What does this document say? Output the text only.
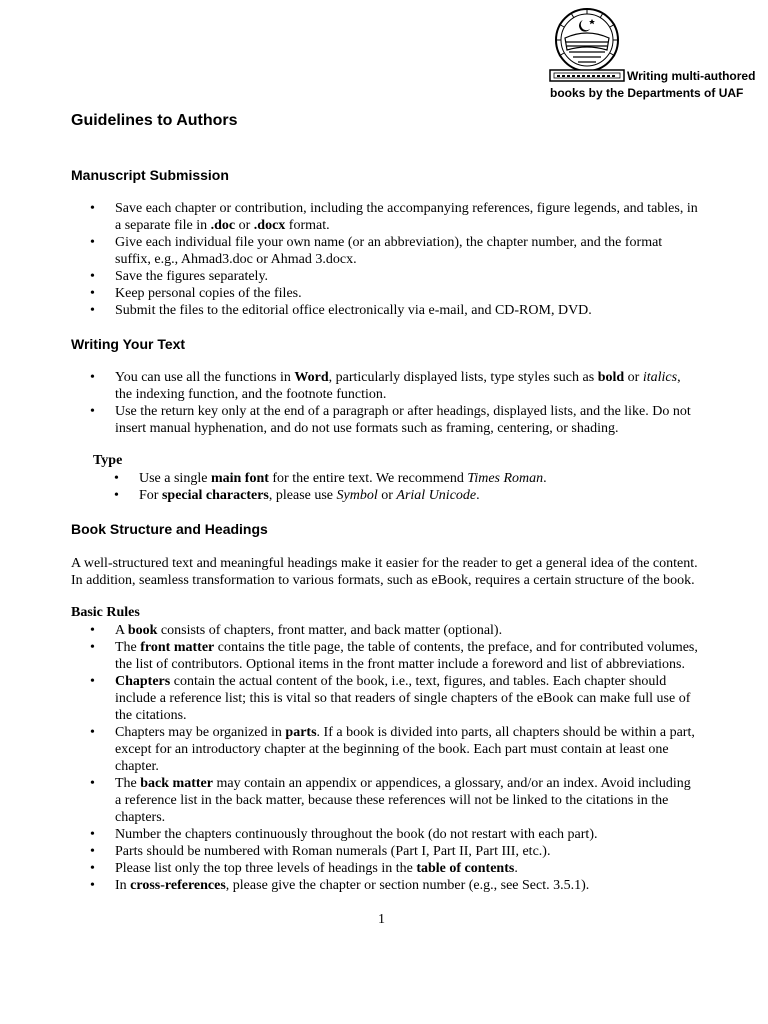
Writing multi-authored
books by the Departments of UAF
Guidelines to Authors
Manuscript Submission
• Save each chapter or contribution, including the accompanying references, figure legends, and tables, in a separate file in .doc or .docx format.
• Give each individual file your own name (or an abbreviation), the chapter number, and the format suffix, e.g., Ahmad3.doc or Ahmad 3.docx.
• Save the figures separately.
• Keep personal copies of the files.
• Submit the files to the editorial office electronically via e-mail, and CD-ROM, DVD.
Writing Your Text
• You can use all the functions in Word, particularly displayed lists, type styles such as bold or italics, the indexing function, and the footnote function.
• Use the return key only at the end of a paragraph or after headings, displayed lists, and the like. Do not insert manual hyphenation, and do not use formats such as framing, centering, or shading.
Type
• Use a single main font for the entire text. We recommend Times Roman.
• For special characters, please use Symbol or Arial Unicode.
Book Structure and Headings

A well-structured text and meaningful headings make it easier for the reader to get a general idea of the content. In addition, seamless transformation to various formats, such as eBook, requires a certain structure of the book.

Basic Rules
• A book consists of chapters, front matter, and back matter (optional).
• The front matter contains the title page, the table of contents, the preface, and for contributed volumes, the list of contributors. Optional items in the front matter include a foreword and list of abbreviations.
• Chapters contain the actual content of the book, i.e., text, figures, and tables. Each chapter should include a reference list; this is vital so that readers of single chapters of the eBook can make full use of the citations.
• Chapters may be organized in parts. If a book is divided into parts, all chapters should be within a part, except for an introductory chapter at the beginning of the book. Each part must contain at least one chapter.
• The back matter may contain an appendix or appendices, a glossary, and/or an index. Avoid including a reference list in the back matter, because these references will not be linked to the citations in the chapters.
• Number the chapters continuously throughout the book (do not restart with each part).
• Parts should be numbered with Roman numerals (Part I, Part II, Part III, etc.).
• Please list only the top three levels of headings in the table of contents.
• In cross-references, please give the chapter or section number (e.g., see Sect. 3.5.1).
1
